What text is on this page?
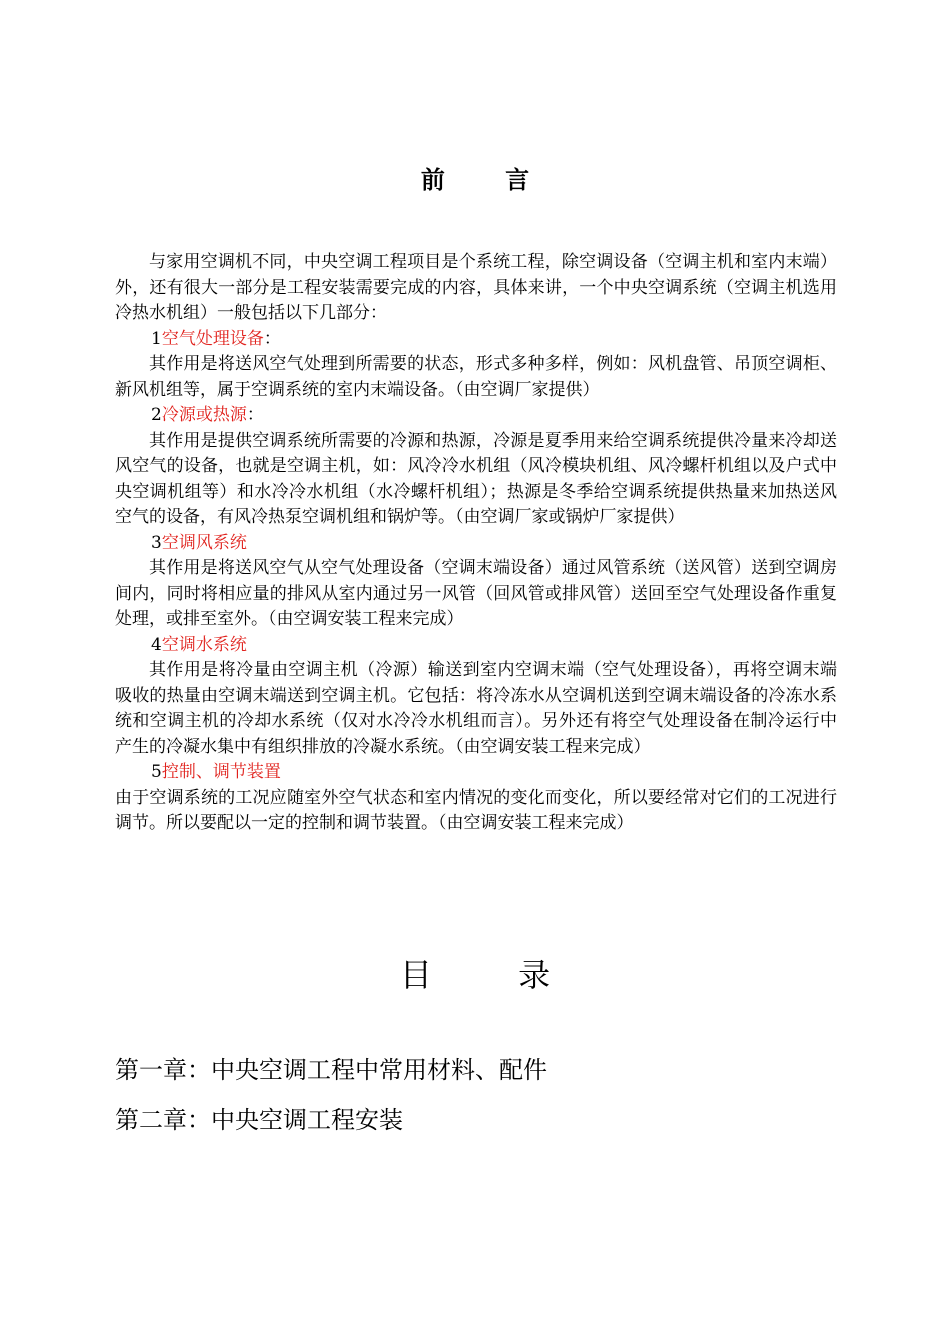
前 言

与家用空调机不同，中央空调工程项目是个系统工程，除空调设备（空调主机和室内末端）外，还有很大一部分是工程安装需要完成的内容，具体来讲，一个中央空调系统（空调主机选用冷热水机组）一般包括以下几部分：

1空气处理设备：

其作用是将送风空气处理到所需要的状态，形式多种多样，例如：风机盘管、吊顶空调柜、新风机组等，属于空调系统的室内末端设备。（由空调厂家提供）

2冷源或热源：

其作用是提供空调系统所需要的冷源和热源，冷源是夏季用来给空调系统提供冷量来冷却送风空气的设备，也就是空调主机，如：风冷冷水机组（风冷模块机组、风冷螺杆机组以及户式中央空调机组等）和水冷冷水机组（水冷螺杆机组）；热源是冬季给空调系统提供热量来加热送风空气的设备，有风冷热泵空调机组和锅炉等。（由空调厂家或锅炉厂家提供）

3空调风系统

其作用是将送风空气从空气处理设备（空调末端设备）通过风管系统（送风管）送到空调房间内，同时将相应量的排风从室内通过另一风管（回风管或排风管）送回至空气处理设备作重复处理，或排至室外。（由空调安装工程来完成）

4空调水系统

其作用是将冷量由空调主机（冷源）输送到室内空调末端（空气处理设备），再将空调末端吸收的热量由空调末端送到空调主机。它包括：将冷冻水从空调机送到空调末端设备的冷冻水系统和空调主机的冷却水系统（仅对水冷冷水机组而言）。另外还有将空气处理设备在制冷运行中产生的冷凝水集中有组织排放的冷凝水系统。（由空调安装工程来完成）

5控制、调节装置

由于空调系统的工况应随室外空气状态和室内情况的变化而变化，所以要经常对它们的工况进行调节。所以要配以一定的控制和调节装置。（由空调安装工程来完成）

目 录
第一章：中央空调工程中常用材料、配件
第二章：中央空调工程安装
